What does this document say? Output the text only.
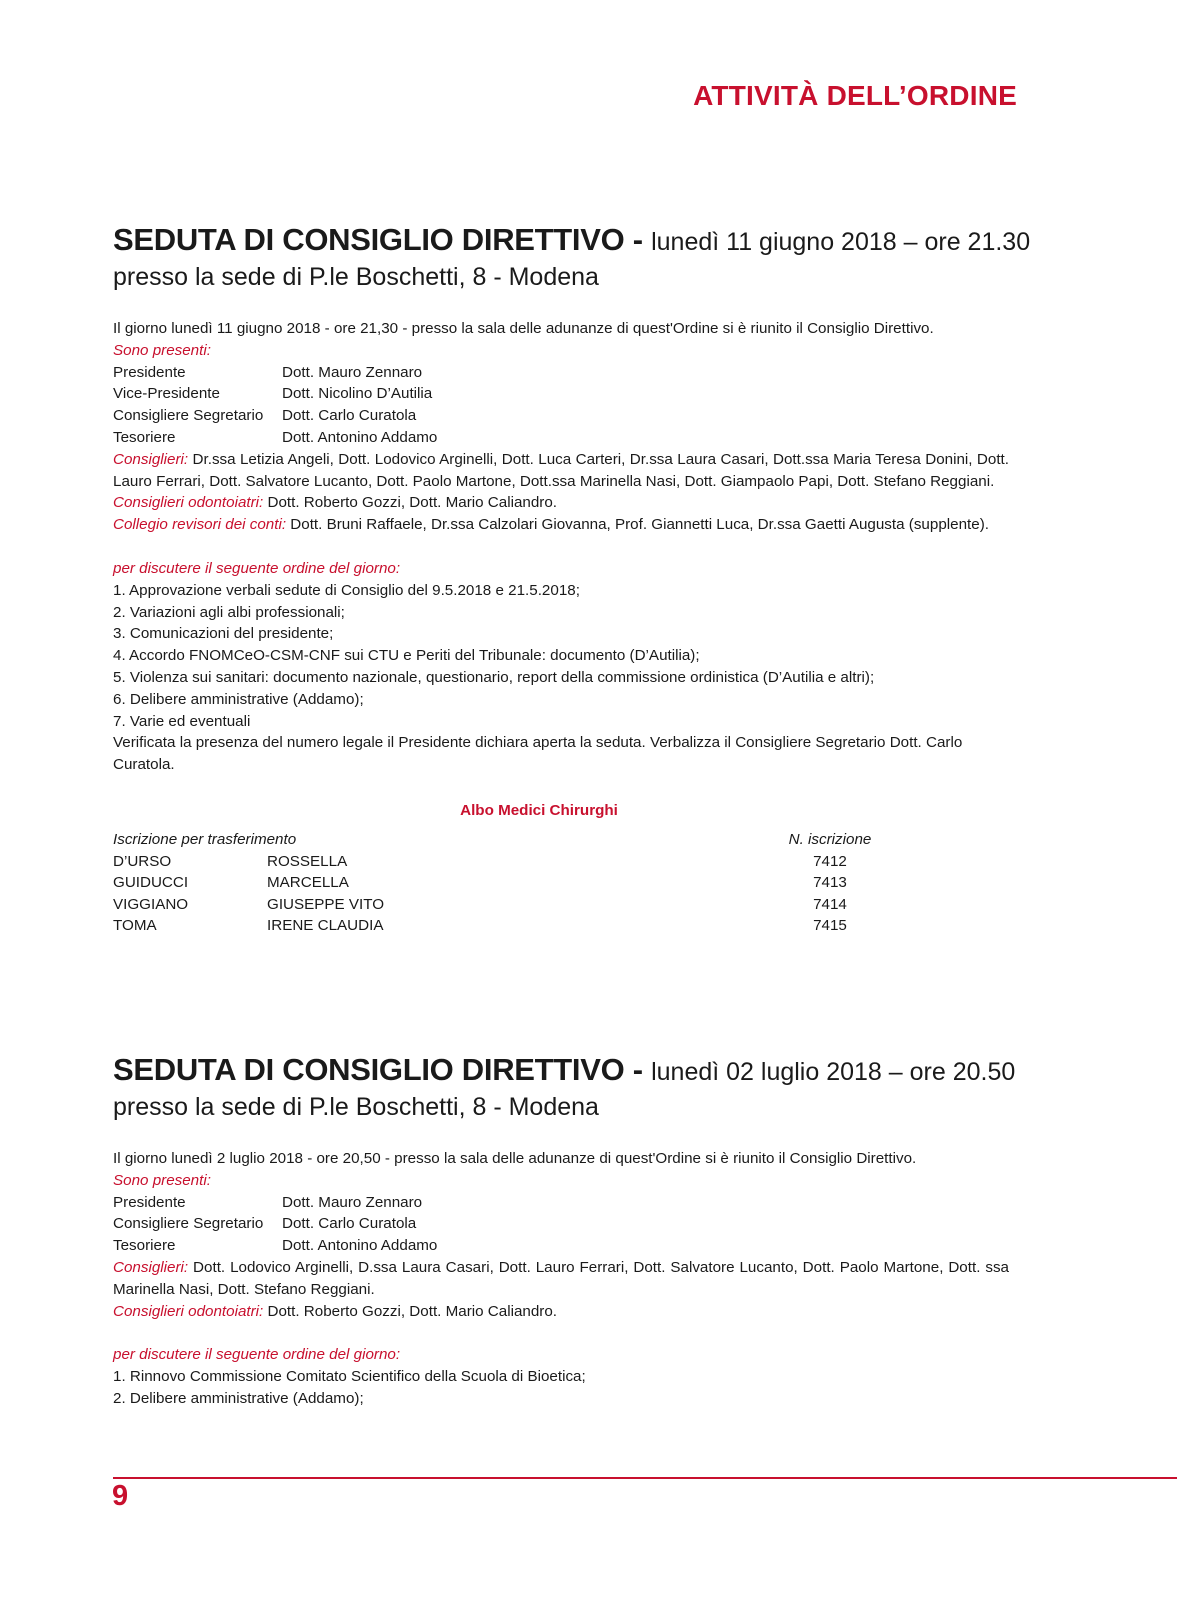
ATTIVITÀ DELL’ORDINE
SEDUTA DI CONSIGLIO DIRETTIVO - lunedì 11 giugno 2018 – ore 21.30
presso la sede di P.le Boschetti, 8 - Modena
Il giorno lunedì 11 giugno 2018 - ore 21,30 - presso la sala delle adunanze di quest'Ordine si è riunito il Consiglio Direttivo.
Sono presenti:
Presidente	Dott. Mauro Zennaro
Vice-Presidente	Dott. Nicolino D’Autilia
Consigliere Segretario	Dott. Carlo Curatola
Tesoriere	Dott. Antonino Addamo
Consiglieri: Dr.ssa Letizia Angeli, Dott. Lodovico Arginelli, Dott. Luca Carteri, Dr.ssa Laura Casari, Dott.ssa Maria Teresa Donini, Dott. Lauro Ferrari, Dott. Salvatore Lucanto, Dott. Paolo Martone, Dott.ssa Marinella Nasi, Dott. Giampaolo Papi, Dott. Stefano Reggiani.
Consiglieri odontoiatri: Dott. Roberto Gozzi, Dott. Mario Caliandro.
Collegio revisori dei conti: Dott. Bruni Raffaele, Dr.ssa Calzolari Giovanna, Prof. Giannetti Luca, Dr.ssa Gaetti Augusta (supplente).
per discutere il seguente ordine del giorno:
1. Approvazione verbali sedute di Consiglio del 9.5.2018 e 21.5.2018;
2. Variazioni agli albi professionali;
3. Comunicazioni del presidente;
4. Accordo FNOMCeO-CSM-CNF sui CTU e Periti del Tribunale: documento (D’Autilia);
5. Violenza sui sanitari: documento nazionale, questionario, report della commissione ordinistica (D’Autilia e altri);
6. Delibere amministrative (Addamo);
7. Varie ed eventuali
Verificata la presenza del numero legale il Presidente dichiara aperta la seduta. Verbalizza il Consigliere Segretario Dott. Carlo Curatola.
Albo Medici Chirurghi
Iscrizione per trasferimento	N. iscrizione
D’URSO	ROSSELLA	7412
GUIDUCCI	MARCELLA	7413
VIGGIANO	GIUSEPPE VITO	7414
TOMA	IRENE CLAUDIA	7415
SEDUTA DI CONSIGLIO DIRETTIVO - lunedì 02 luglio 2018 – ore 20.50
presso la sede di P.le Boschetti, 8 - Modena
Il giorno lunedì 2 luglio 2018 - ore 20,50 - presso la sala delle adunanze di quest'Ordine si è riunito il Consiglio Direttivo.
Sono presenti:
Presidente	Dott. Mauro Zennaro
Consigliere Segretario	Dott. Carlo Curatola
Tesoriere	Dott. Antonino Addamo
Consiglieri: Dott. Lodovico Arginelli, D.ssa Laura Casari, Dott. Lauro Ferrari, Dott. Salvatore Lucanto, Dott. Paolo Martone, Dott. ssa Marinella Nasi, Dott. Stefano Reggiani.
Consiglieri odontoiatri: Dott. Roberto Gozzi, Dott. Mario Caliandro.
per discutere il seguente ordine del giorno:
1. Rinnovo Commissione Comitato Scientifico della Scuola di Bioetica;
2. Delibere amministrative (Addamo);
9
